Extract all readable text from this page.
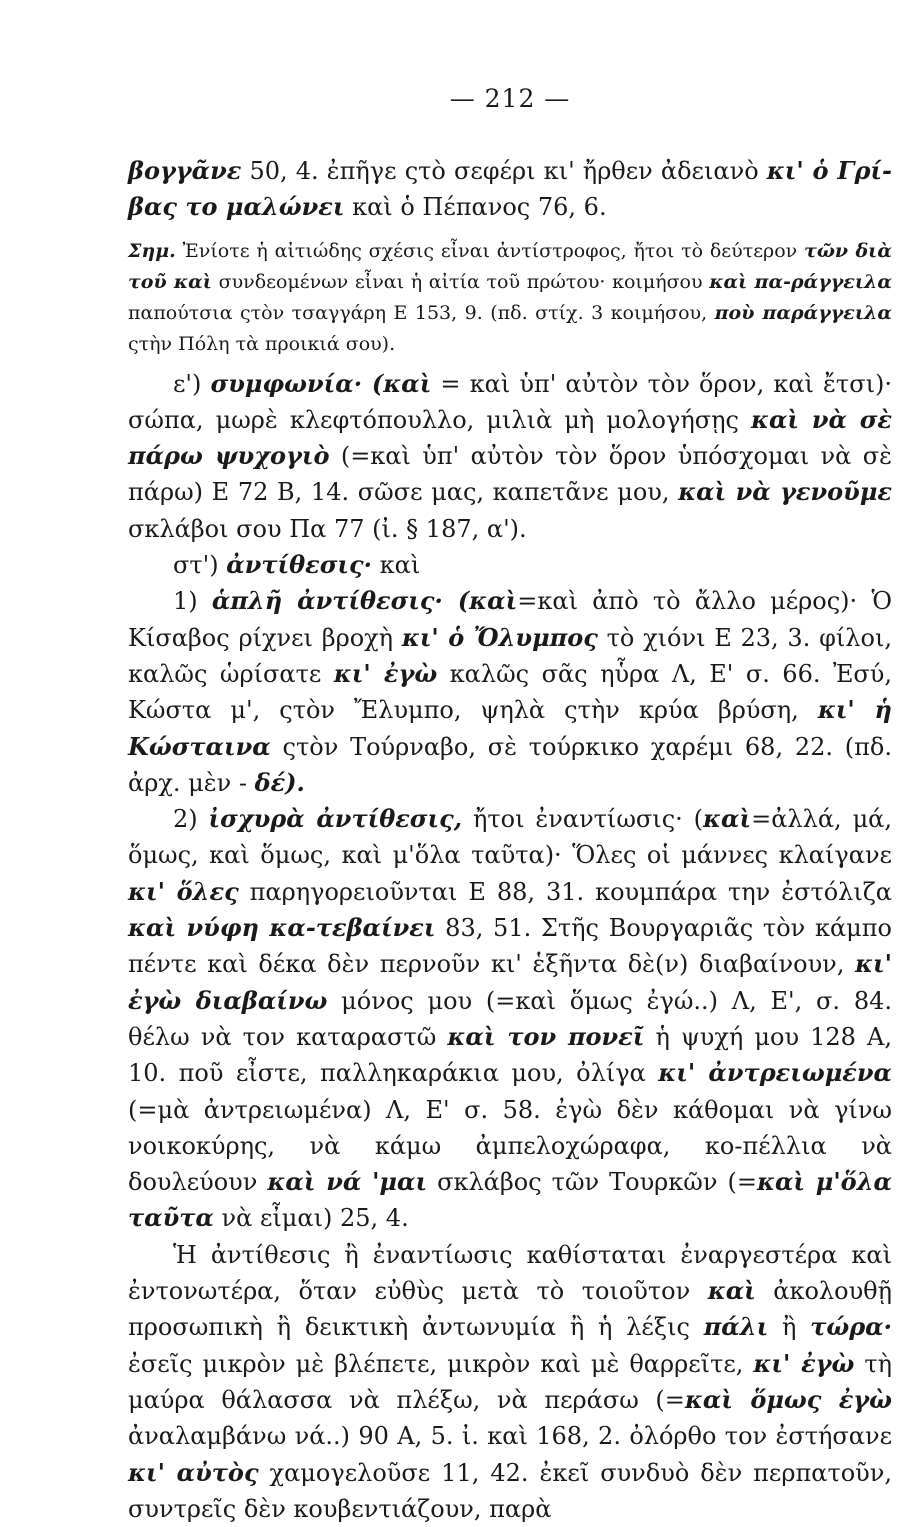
— 212 —

βογγᾶνε 50, 4. ἐπῆγε ςτὸ σεφέρι κι' ἤρθεν ἀδειανὸ κι' ὁ Γρί-βας το μαλώνει καὶ ὁ Πέπανος 76, 6.

Σημ. Ἐνίοτε ἡ αἰτιώδης σχέσις εἶναι ἀντίστροφος, ἤτοι τὸ δεύτερον τῶν διὰ τοῦ καὶ συνδεομένων εἶναι ἡ αἰτία τοῦ πρώτου· κοιμήσου καὶ πα-ράγγειλα παπούτσια ςτὸν τσαγγάρη Ε 153, 9. (πδ. στίχ. 3 κοιμήσου, ποὺ παράγγειλα ςτὴν Πόλη τὰ προικιά σου).

ε') συμφωνία· (καὶ = καὶ ὑπ' αὐτὸν τὸν ὅρον, καὶ ἔτσι)· σώπα, μωρὲ κλεφτόπουλλο, μιλιὰ μὴ μολογήσῃς καὶ νὰ σὲ πάρω ψυχογιὸ (=καὶ ὑπ' αὐτὸν τὸν ὅρον ὑπόσχομαι νὰ σὲ πάρω) Ε 72 Β, 14. σῶσε μας, καπετᾶνε μου, καὶ νὰ γενοῦμε σκλάβοι σου Πα 77 (ἰ. § 187, α').

στ') ἀντίθεσις· καὶ

1) ἁπλῆ ἀντίθεσις· (καὶ=καὶ ἀπὸ τὸ ἄλλο μέρος)· Ὁ Κίσαβος ρίχνει βροχὴ κι' ὁ Ὄλυμπος τὸ χιόνι Ε 23, 3. φίλοι, καλῶς ὡρίσατε κι' ἐγὼ καλῶς σᾶς ηὗρα Λ, Ε' σ. 66. Ἐσύ, Κώστα μ', ςτὸν Ἔλυμπο, ψηλὰ ςτὴν κρύα βρύση, κι' ἡ Κώσταινα ςτὸν Τούρναβο, σὲ τούρκικο χαρέμι 68, 22. (πδ. ἀρχ. μὲν - δέ).

2) ἰσχυρὰ ἀντίθεσις, ἤτοι ἐναντίωσις· (καὶ=ἀλλά, μά, ὅμως, καὶ ὅμως, καὶ μ'ὅλα ταῦτα)· Ὅλες οἱ μάννες κλαίγανε κι' ὅλες παρηγορειοῦνται Ε 88, 31. κουμπάρα την ἐστόλιζα καὶ νύφη κα-τεβαίνει 83, 51. Στῆς Βουργαριᾶς τὸν κάμπο πέντε καὶ δέκα δὲν περνοῦν κι' ἑξῆντα δὲ(ν) διαβαίνουν, κι' ἐγὼ διαβαίνω μόνος μου (=καὶ ὅμως ἐγώ..) Λ, Ε', σ. 84. θέλω νὰ τον καταραστῶ καὶ τον πονεῖ ἡ ψυχή μου 128 Α, 10. ποῦ εἶστε, παλληκαράκια μου, ὀλίγα κι' ἀντρειωμένα (=μὰ ἀντρειωμένα) Λ, Ε' σ. 58. ἐγὼ δὲν κάθομαι νὰ γίνω νοικοκύρης, νὰ κάμω ἀμπελοχώραφα, κο-πέλλια νὰ δουλεύουν καὶ νά 'μαι σκλάβος τῶν Τουρκῶν (=καὶ μ'ὅλα ταῦτα νὰ εἶμαι) 25, 4.

Ἡ ἀντίθεσις ἢ ἐναντίωσις καθίσταται ἐναργεστέρα καὶ ἐντονωτέρα, ὅταν εὐθὺς μετὰ τὸ τοιοῦτον καὶ ἀκολουθῇ προσωπικὴ ἢ δεικτικὴ ἀντωνυμία ἢ ἡ λέξις πάλι ἢ τώρα· ἐσεῖς μικρὸν μὲ βλέπετε, μικρὸν καὶ μὲ θαρρεῖτε, κι' ἐγὼ τὴ μαύρα θάλασσα νὰ πλέξω, νὰ περάσω (=καὶ ὅμως ἐγὼ ἀναλαμβάνω νά..) 90 Α, 5. ἰ. καὶ 168, 2. ὀλόρθο τον ἐστήσανε κι' αὐτὸς χαμογελοῦσε 11, 42. ἐκεῖ συνδυὸ δὲν περπατοῦν, συντρεῖς δὲν κουβεντιάζουν, παρὰ
